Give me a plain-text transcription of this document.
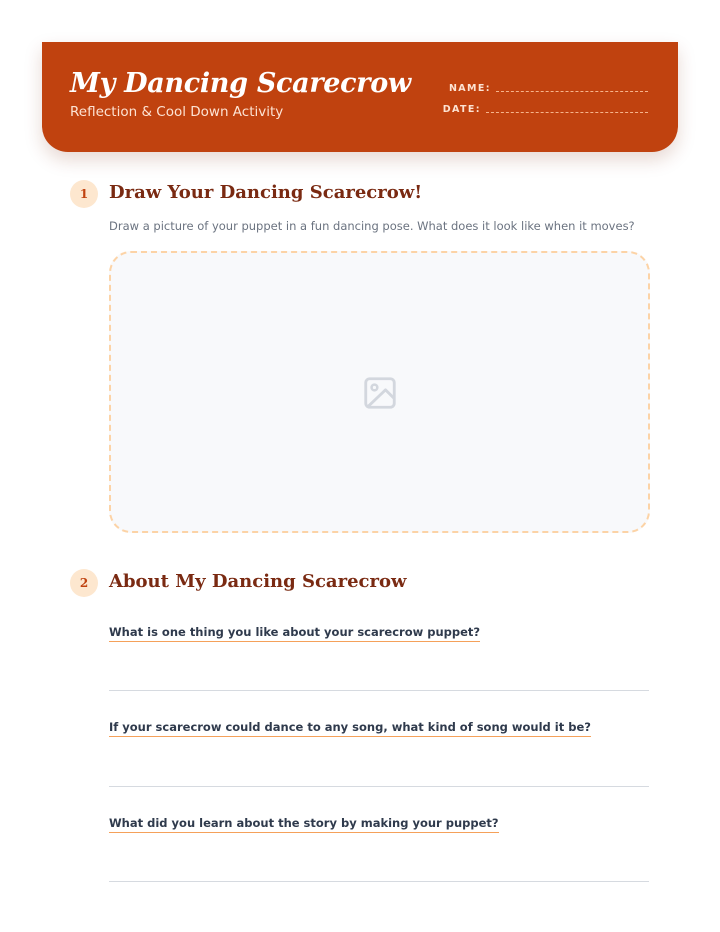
My Dancing Scarecrow
Reflection & Cool Down Activity
NAME:
DATE:
1	Draw Your Dancing Scarecrow!
Draw a picture of your puppet in a fun dancing pose. What does it look like when it moves?
2	About My Dancing Scarecrow
What is one thing you like about your scarecrow puppet?
If your scarecrow could dance to any song, what kind of song would it be?
What did you learn about the story by making your puppet?
